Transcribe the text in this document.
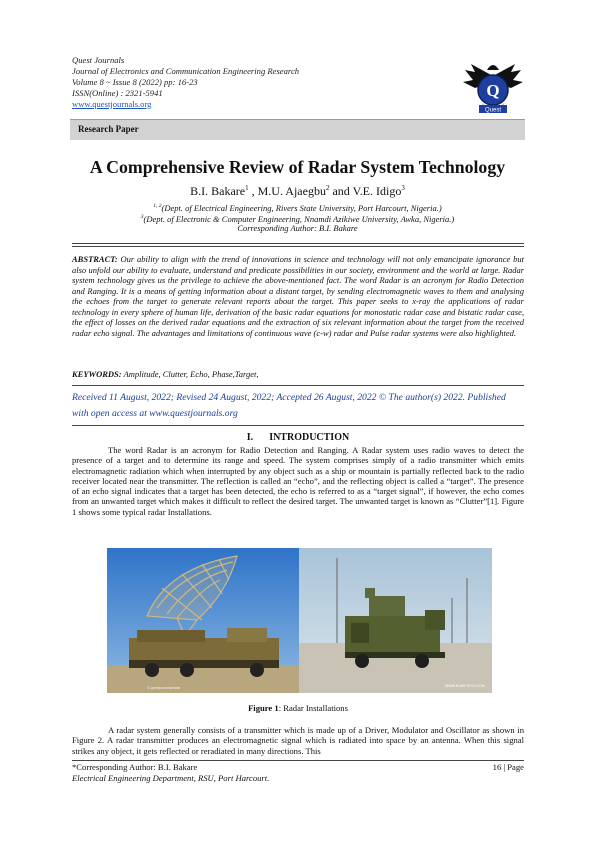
Quest Journals
Journal of Electronics and Communication Engineering Research
Volume 8 ~ Issue 8 (2022) pp: 16-23
ISSN(Online) : 2321-5941
www.questjournals.org
Q
Quest
Research Paper
A Comprehensive Review of Radar System Technology
B.I. Bakare$^1$ , M.U. Ajaegbu$^2$ and V.E. Idigo$^3$
$^{1, 2}$(Dept. of Electrical Engineering, Rivers State University, Port Harcourt, Nigeria.)
$^3$(Dept. of Electronic & Computer Engineering, Nnamdi Azikiwe University, Awka, Nigeria.)
Corresponding Author: B.I. Bakare
ABSTRACT: Our ability to align with the trend of innovations in science and technology will not only emancipate ignorance but also unfold our ability to evaluate, understand and predicate possibilities in our society, environment and the world at large. Radar system technology gives us the privilege to achieve the above-mentioned fact. The word Radar is an acronym for Radio Detection and Ranging. It is a means of getting information about a distant target, by sending electromagnetic waves to them and analysing the echoes from the target to generate relevant reports about the target. This paper seeks to x-ray the applications of radar technology in every sphere of human life, derivation of the basic radar equations for monostatic radar case and bistatic radar case, the effect of losses on the derived radar equations and the extraction of six relevant information about the target from the received radar echo signal. The advantages and limitations of continuous wave (c-w) radar and Pulse radar systems were also highlighted.
KEYWORDS: Amplitude, Clutter, Echo, Phase,Target,
Received 11 August, 2022; Revised 24 August, 2022; Accepted 26 August, 2022 © The author(s) 2022. Published with open access at www.questjournals.org
I. INTRODUCTION
The word Radar is an acronym for Radio Detection and Ranging. A Radar system uses radio waves to detect the presence of a target and to determine its range and speed. The system comprises simply of a radio transmitter which emits electromagnetic radiation which when interrupted by any object such as a ship or mountain is partially reflected back to the radio receiver located near the transmitter. The reflection is called an “echo”, and the reflecting object is called a “target”. The presence of an echo signal indicates that a target has been detected, the echo is referred to as a “target signal”, if however, the echo comes from an unwanted target which makes it difficult to reflect the desired target. The unwanted target is known as “Clutter”[1]. Figure 1 shows some typical radar Installations.
© questjournals/radar	WWW.RUMYTECH.COM
Figure 1: Radar Installations
A radar system generally consists of a transmitter which is made up of a Driver, Modulator and Oscillator as shown in Figure 2. A radar transmitter produces an electromagnetic signal which is radiated into space by an antenna. When this signal strikes any object, it gets reflected or reradiated in many directions. This
*Corresponding Author: B.I. Bakare
Electrical Engineering Department, RSU, Port Harcourt.
16 | Page
